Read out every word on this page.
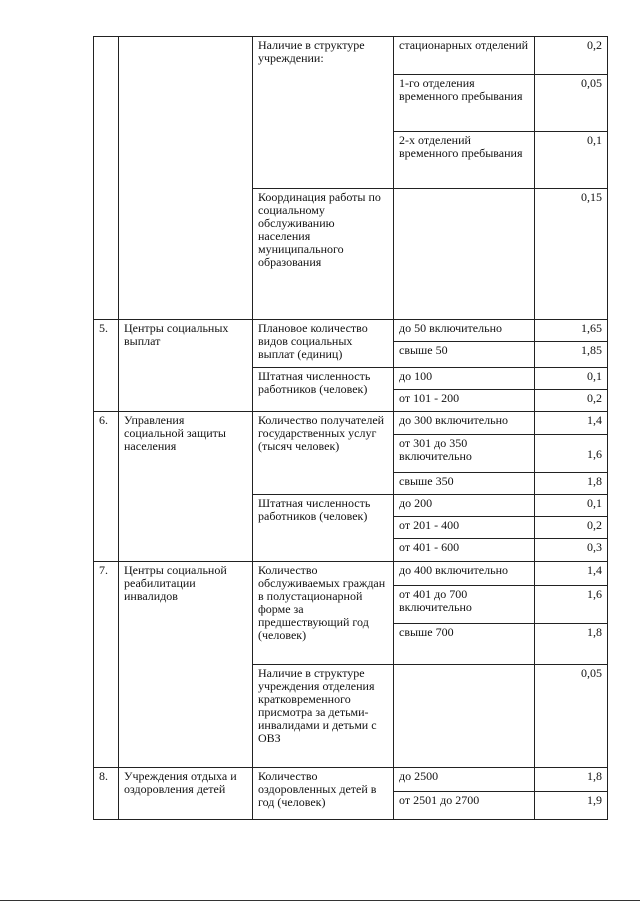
		Наличие в структуре учреждении:	стационарных отделений	0,2
			1-го отделения временного пребывания	0,05
			2-х отделений временного пребывания	0,1
		Координация работы по социальному обслуживанию населения муниципального образования		0,15
5.	Центры социальных выплат	Плановое количество видов социальных выплат (единиц)	до 50 включительно	1,65
			свыше 50	1,85
		Штатная численность работников (человек)	до 100	0,1
			от 101 - 200	0,2
6.	Управления социальной защиты населения	Количество получателей государственных услуг (тысяч человек)	до 300 включительно	1,4
			от 301 до 350 включительно	1,6
			свыше 350	1,8
		Штатная численность работников (человек)	до 200	0,1
			от 201 - 400	0,2
			от 401 - 600	0,3
7.	Центры социальной реабилитации инвалидов	Количество обслуживаемых граждан в полустационарной форме за предшествующий год (человек)	до 400 включительно	1,4
			от 401 до 700 включительно	1,6
			свыше 700	1,8
		Наличие в структуре учреждения отделения кратковременного присмотра за детьми-инвалидами и детьми с ОВЗ		0,05
8.	Учреждения отдыха и оздоровления детей	Количество оздоровленных детей в год (человек)	до 2500	1,8
			от 2501 до 2700	1,9
